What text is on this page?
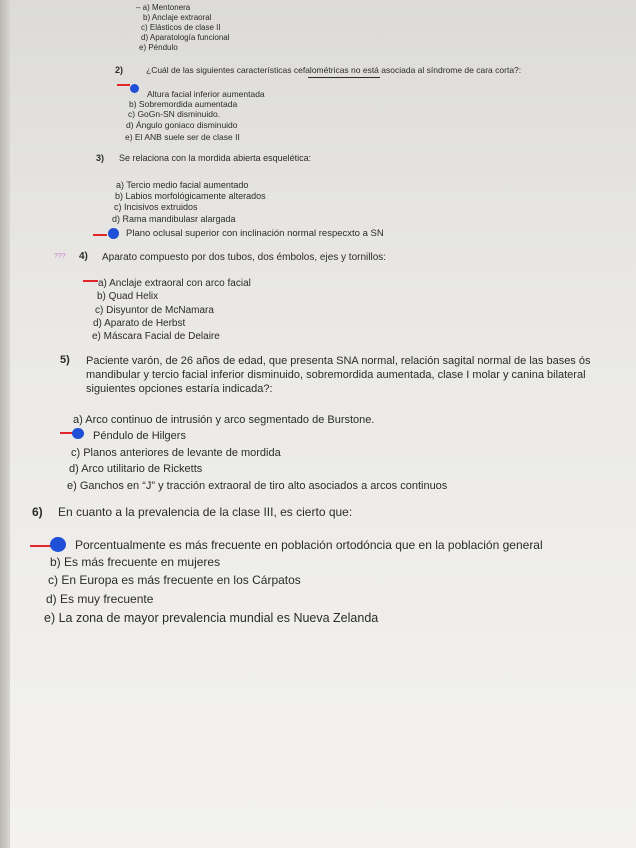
– a) Mentonera
b) Anclaje extraoral
c) Elásticos de clase II
d) Aparatología funcional
e) Péndulo
2)	¿Cuál de las siguientes características cefalométricas no está asociada al síndrome de cara corta?:
Altura facial inferior aumentada
b) Sobremordida aumentada
c) GoGn-SN disminuido.
d) Ángulo goniaco disminuido
e) El ANB suele ser de clase II
3) Se relaciona con la mordida abierta esquelética:
a) Tercio medio facial aumentado
b) Labios morfológicamente alterados
c) Incisivos extruidos
d) Rama mandibulasr alargada
Plano oclusal superior con inclinación normal respecxto a SN
??? 4) Aparato compuesto por dos tubos, dos émbolos, ejes y tornillos:
a) Anclaje extraoral con arco facial
b) Quad Helix
c) Disyuntor de McNamara
d) Aparato de Herbst
e) Máscara Facial de Delaire
5) Paciente varón, de 26 años de edad, que presenta SNA normal, relación sagital normal de las bases ós
mandibular y tercio facial inferior disminuido, sobremordida aumentada, clase I molar y canina bilateral
siguientes opciones estaría indicada?:
a) Arco continuo de intrusión y arco segmentado de Burstone.
Péndulo de Hilgers
c) Planos anteriores de levante de mordida
d) Arco utilitario de Ricketts
e) Ganchos en “J” y tracción extraoral de tiro alto asociados a arcos continuos
6) En cuanto a la prevalencia de la clase III, es cierto que:
Porcentualmente es más frecuente en población ortodóncia que en la población general
b) Es más frecuente en mujeres
c) En Europa es más frecuente en los Cárpatos
d) Es muy frecuente
e) La zona de mayor prevalencia mundial es Nueva Zelanda
